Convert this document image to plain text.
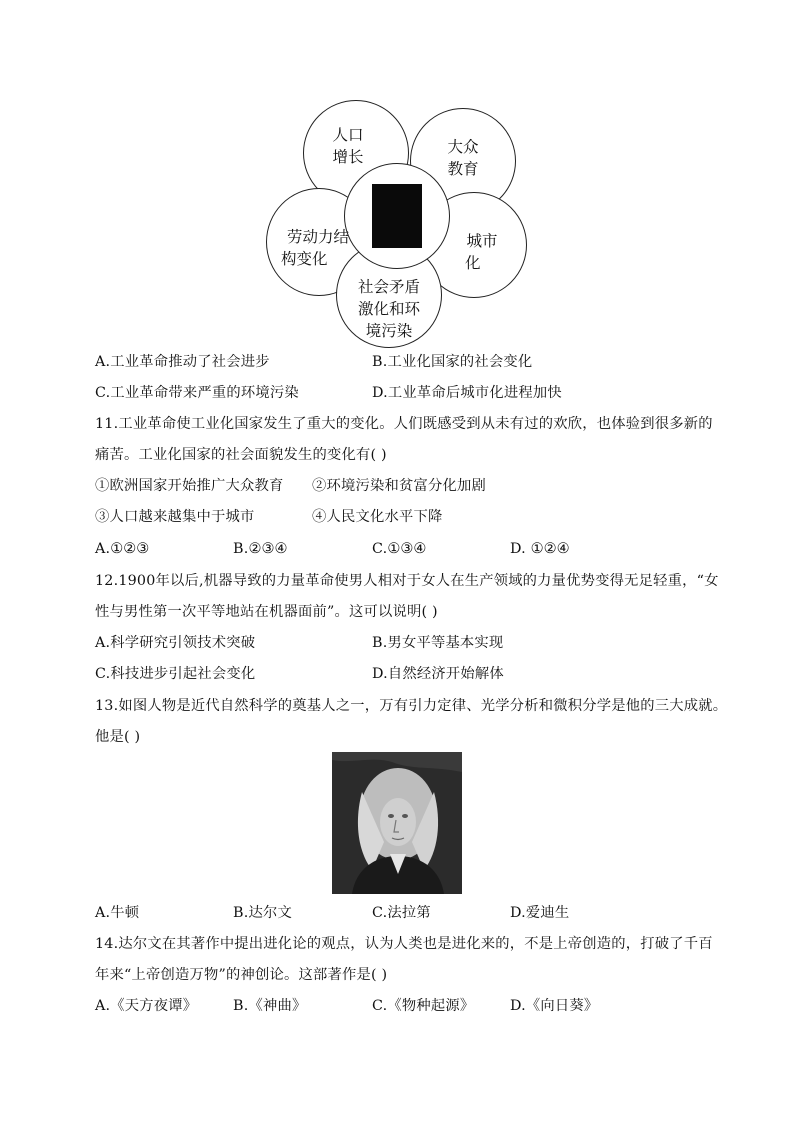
人口
增长
大众
教育
城市
化
社会矛盾
激化和环
境污染
劳动力结
构变化
A.工业革命推动了社会进步	B.工业化国家的社会变化
C.工业革命带来严重的环境污染	D.工业革命后城市化进程加快
11.工业革命使工业化国家发生了重大的变化。人们既感受到从未有过的欢欣，也体验到很多新的
痛苦。工业化国家的社会面貌发生的变化有( )
①欧洲国家开始推广大众教育 ②环境污染和贫富分化加剧
③人口越来越集中于城市	④人民文化水平下降
A.①②③	B.②③④	C.①③④	D. ①②④
12.1900年以后,机器导致的力量革命使男人相对于女人在生产领域的力量优势变得无足轻重，“女
性与男性第一次平等地站在机器面前”。这可以说明( )
A.科学研究引领技术突破	B.男女平等基本实现
C.科技进步引起社会变化	D.自然经济开始解体
13.如图人物是近代自然科学的奠基人之一，万有引力定律、光学分析和微积分学是他的三大成就。
他是( )
A.牛顿	B.达尔文	C.法拉第	D.爱迪生
14.达尔文在其著作中提出进化论的观点，认为人类也是进化来的，不是上帝创造的，打破了千百
年来“上帝创造万物”的神创论。这部著作是( )
A.《天方夜谭》	B.《神曲》	C.《物种起源》 D.《向日葵》
